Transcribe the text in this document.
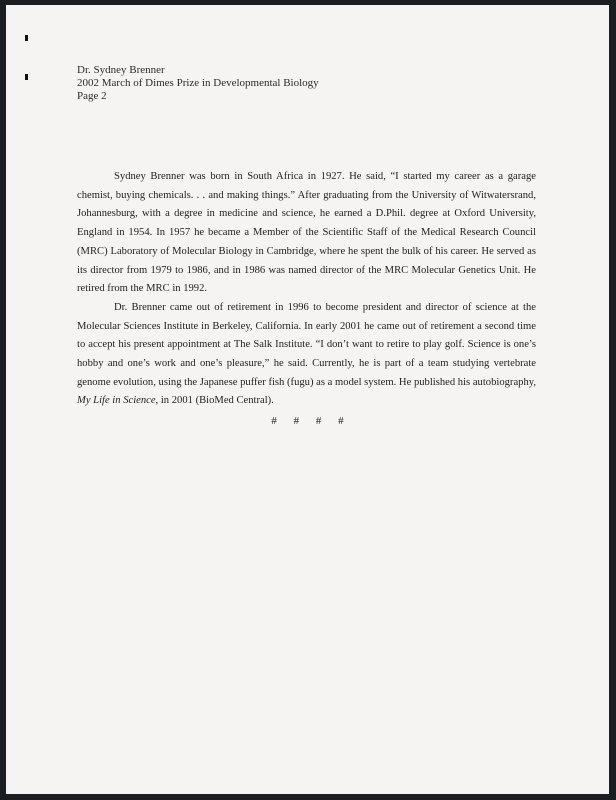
Dr. Sydney Brenner
2002 March of Dimes Prize in Developmental Biology
Page 2

Sydney Brenner was born in South Africa in 1927. He said, “I started my career as a garage chemist, buying chemicals. . . and making things.” After graduating from the University of Witwatersrand, Johannesburg, with a degree in medicine and science, he earned a D.Phil. degree at Oxford University, England in 1954. In 1957 he became a Member of the Scientific Staff of the Medical Research Council (MRC) Laboratory of Molecular Biology in Cambridge, where he spent the bulk of his career. He served as its director from 1979 to 1986, and in 1986 was named director of the MRC Molecular Genetics Unit. He retired from the MRC in 1992.

Dr. Brenner came out of retirement in 1996 to become president and director of science at the Molecular Sciences Institute in Berkeley, California. In early 2001 he came out of retirement a second time to accept his present appointment at The Salk Institute. “I don’t want to retire to play golf. Science is one’s hobby and one’s work and one’s pleasure,” he said. Currently, he is part of a team studying vertebrate genome evolution, using the Japanese puffer fish (fugu) as a model system. He published his autobiography, My Life in Science, in 2001 (BioMed Central).

# # # #
